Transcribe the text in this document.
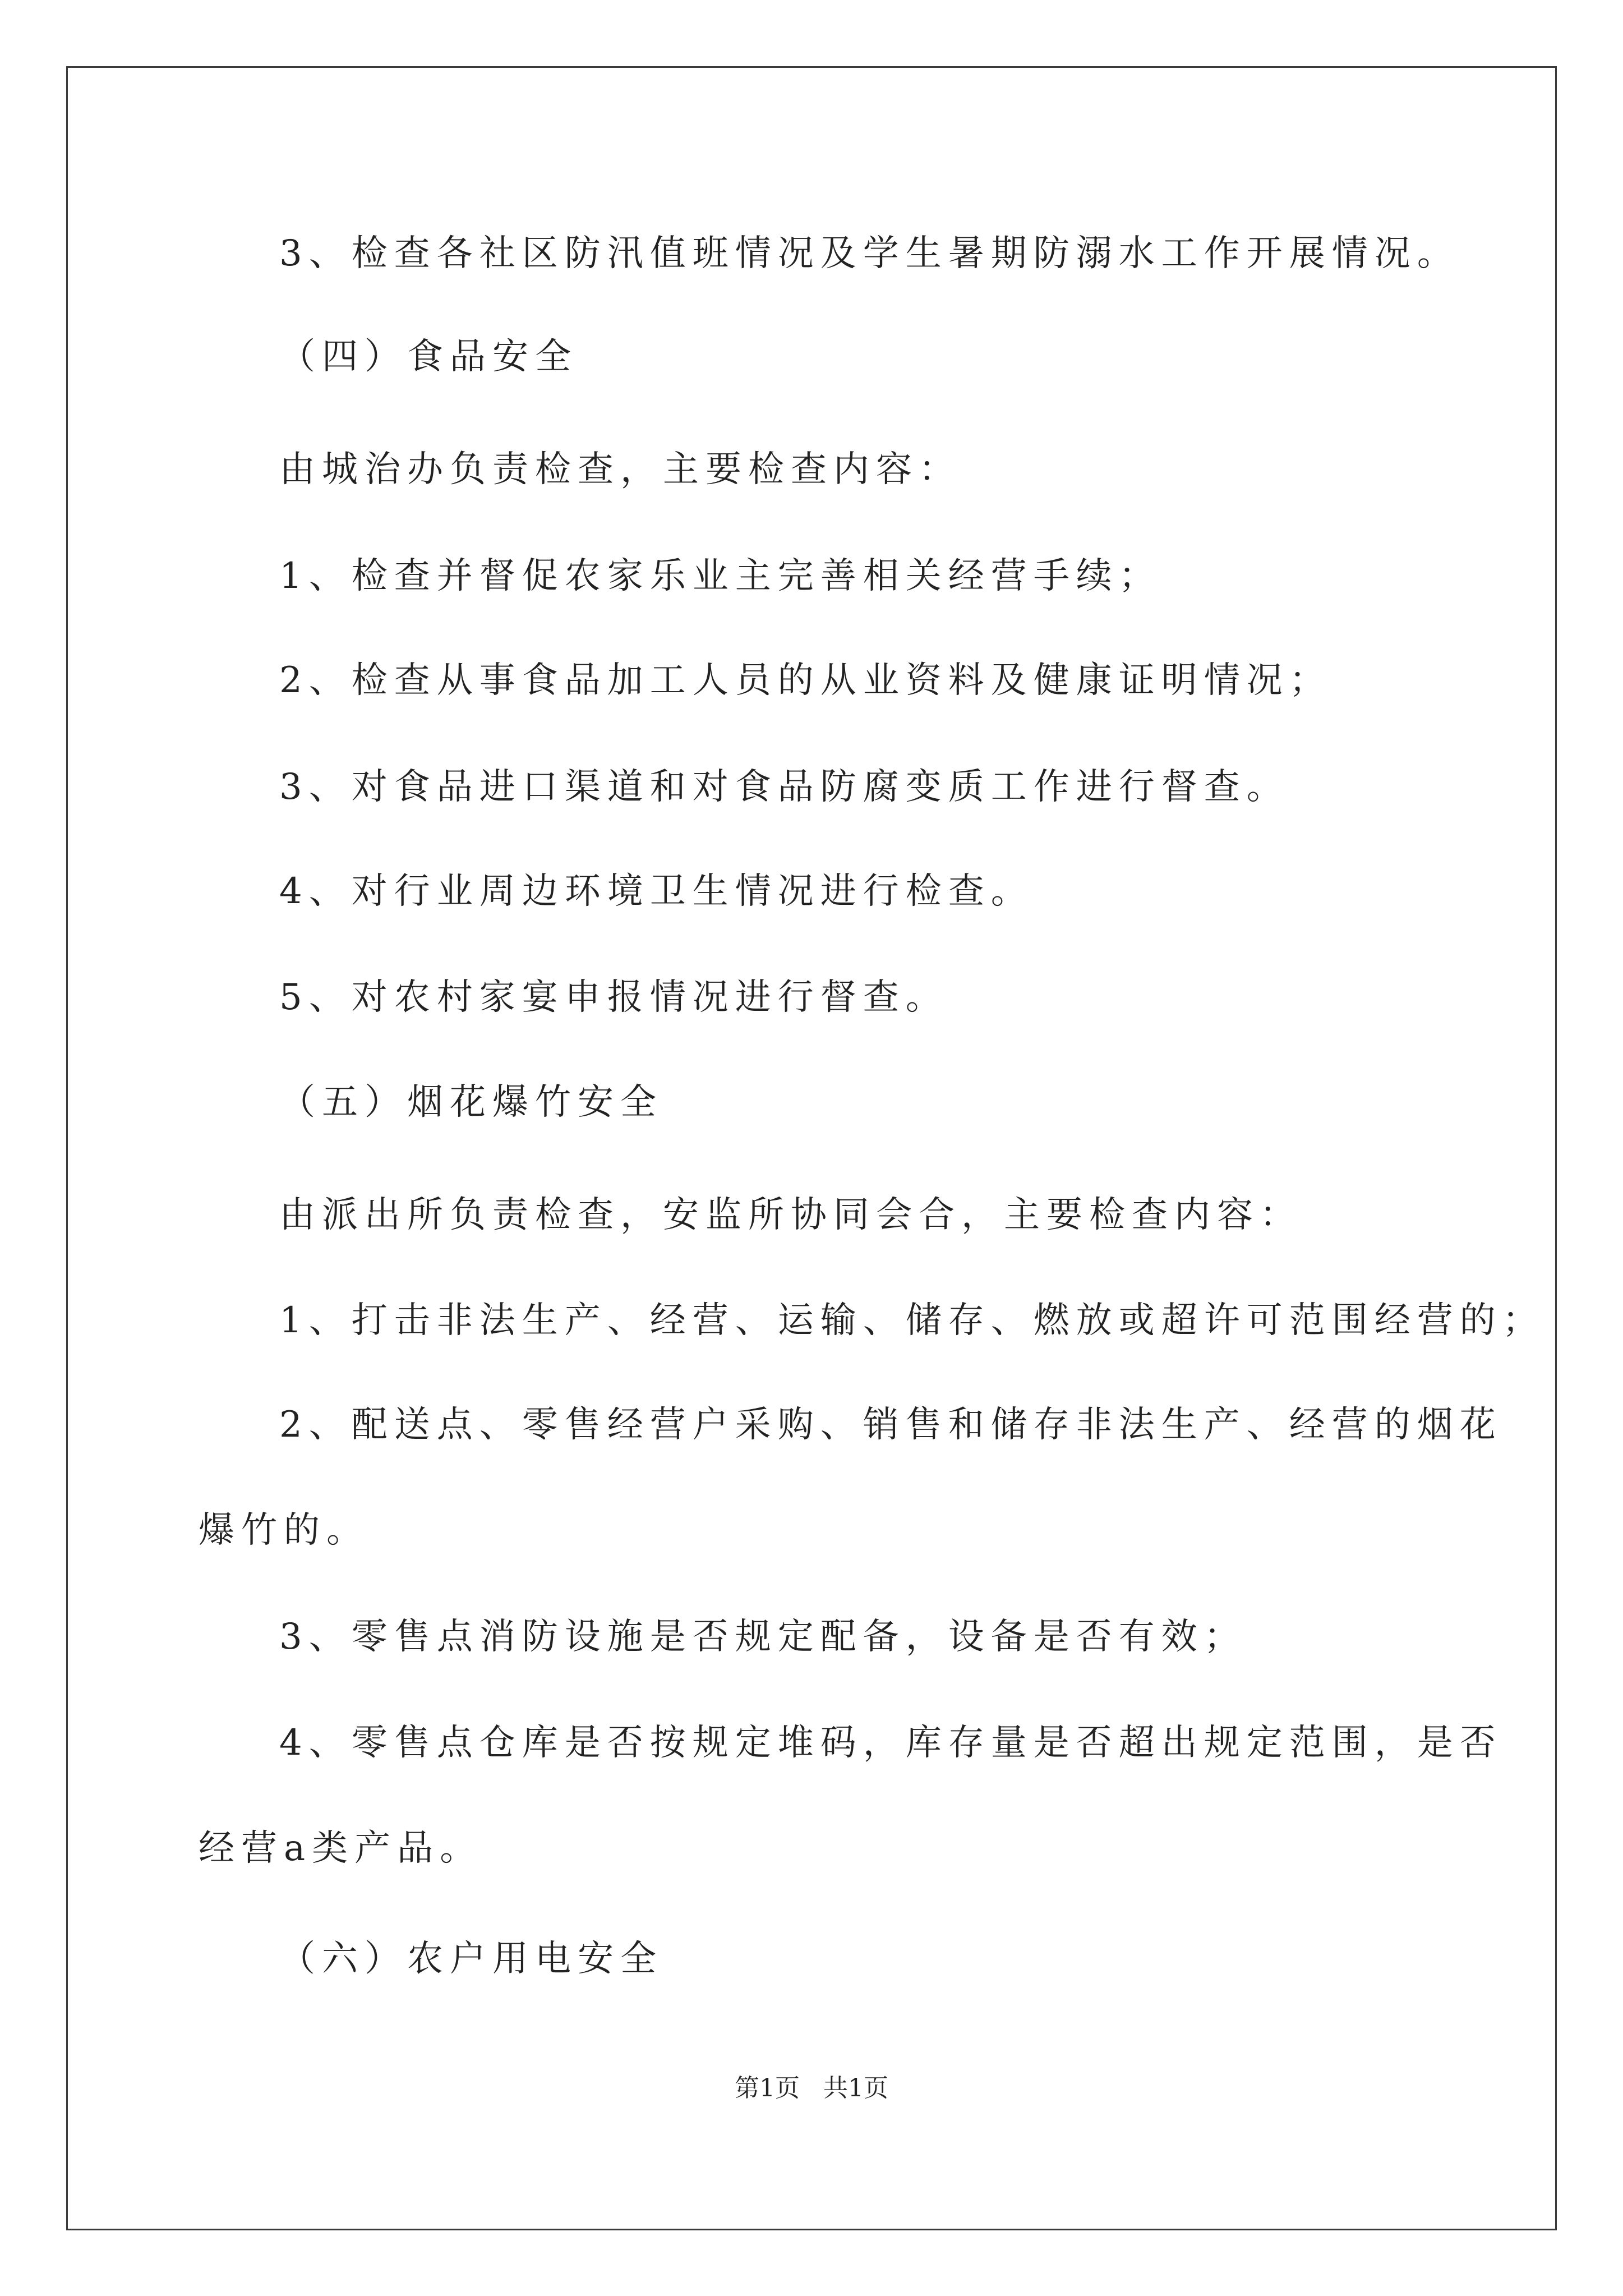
3、检查各社区防汛值班情况及学生暑期防溺水工作开展情况。
（四）食品安全
由城治办负责检查，主要检查内容：
1、检查并督促农家乐业主完善相关经营手续；
2、检查从事食品加工人员的从业资料及健康证明情况；
3、对食品进口渠道和对食品防腐变质工作进行督查。
4、对行业周边环境卫生情况进行检查。
5、对农村家宴申报情况进行督查。
（五）烟花爆竹安全
由派出所负责检查，安监所协同会合，主要检查内容：
1、打击非法生产、经营、运输、储存、燃放或超许可范围经营的；
2、配送点、零售经营户采购、销售和储存非法生产、经营的烟花
爆竹的。
3、零售点消防设施是否规定配备，设备是否有效；
4、零售点仓库是否按规定堆码，库存量是否超出规定范围，是否
经营a类产品。
（六）农户用电安全
第1页   共1页
